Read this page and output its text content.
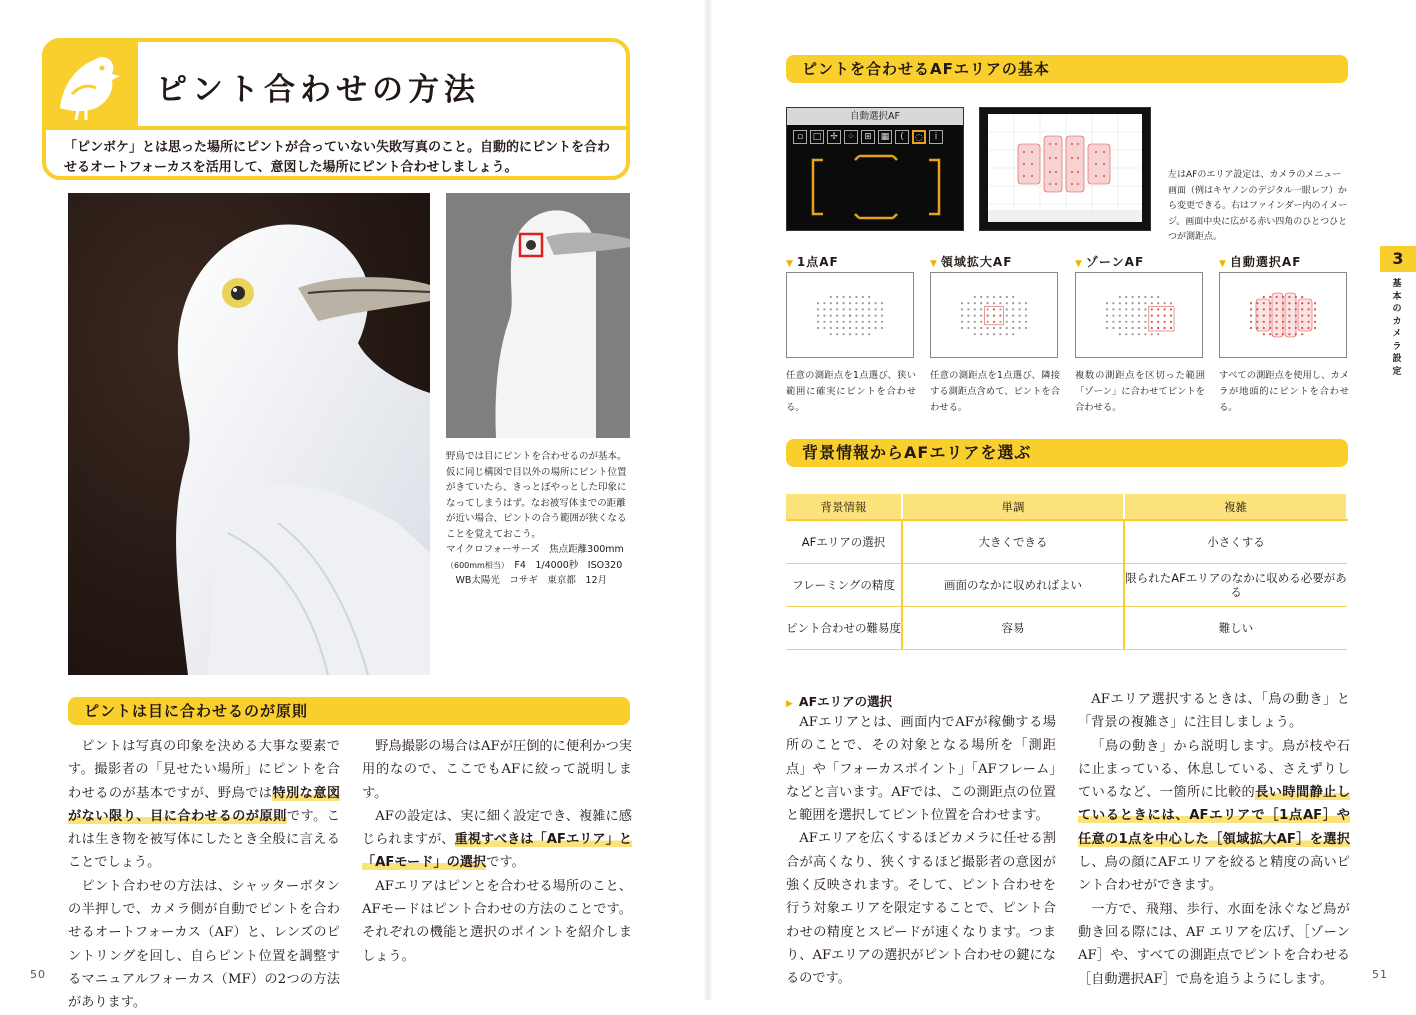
ピント合わせの方法
「ピンボケ」とは思った場所にピントが合っていない失敗写真のこと。自動的にピントを合わせるオートフォーカスを活用して、意図した場所にピント合わせしましょう。

野鳥では目にピントを合わせるのが基本。仮に同じ構図で目以外の場所にピント位置がきていたら、きっとぼやっとした印象になってしまうはず。なお被写体までの距離が近い場合、ピントの合う範囲が狭くなることを覚えておこう。

マイクロフォーサーズ　焦点距離300mm

（600mm相当）　F4　1/4000秒　ISO320

　WB太陽光　コサギ　東京都　12月

ピントは目に合わせるのが原則

ピントは写真の印象を決める大事な要素です。撮影者の「見せたい場所」にピントを合わせるのが基本ですが、野鳥では特別な意図がない限り、目に合わせるのが原則です。これは生き物を被写体にしたとき全般に言えることでしょう。

ピント合わせの方法は、シャッターボタンの半押しで、カメラ側が自動でピントを合わせるオートフォーカス（AF）と、レンズのピントリングを回し、自らピント位置を調整するマニュアルフォーカス（MF）の2つの方法があります。

野鳥撮影の場合はAFが圧倒的に便利かつ実用的なので、ここでもAFに絞って説明します。

AFの設定は、実に細く設定でき、複雑に感じられますが、重視すべきは「AFエリア」と「AFモード」の選択です。

AFエリアはピンとを合わせる場所のこと、AFモードはピント合わせの方法のことです。それぞれの機能と選択のポイントを紹介しましょう。

50
ピントを合わせるAFエリアの基本
自動選択AF
▫	□ ✢	⁘	⊞ ▦	(	◌	i
左はAFのエリア設定は、カメラのメニュー画面（例はキヤノンのデジタル一眼レフ）から変更できる。右はファインダー内のイメージ。画面中央に広がる赤い四角のひとつひとつが測距点。
▼ 1点AF	▼ 領域拡大AF	▼ ゾーンAF	▼ 自動選択AF
任意の測距点を1点選び、狭い範囲に確実にピントを合わせる。
任意の測距点を1点選び、隣接する測距点含めて、ピントを合わせる。
複数の測距点を区切った範囲「ゾーン」に合わせてピントを合わせる。
すべての測距点を使用し、カメラが地頭的にピントを合わせる。
3
基本のカメラ設定
背景情報からAFエリアを選ぶ
背景情報	単調	複雑
AFエリアの選択	大きくできる	小さくする
フレーミングの精度	画面のなかに収めればよい	限られたAFエリアのなかに収める必要がある
ピント合わせの難易度	容易	難しい
▶ AFエリアの選択

AFエリアとは、画面内でAFが稼働する場所のことで、その対象となる場所を「測距点」や「フォーカスポイント」「AFフレーム」などと言います。AFでは、この測距点の位置と範囲を選択してピント位置を合わせます。

AFエリアを広くするほどカメラに任せる割合が高くなり、狭くするほど撮影者の意図が強く反映されます。そして、ピント合わせを行う対象エリアを限定することで、ピント合わせの精度とスピードが速くなります。つまり、AFエリアの選択がピント合わせの鍵になるのです。

AFエリア選択するときは、「鳥の動き」と「背景の複雑さ」に注目しましょう。

「鳥の動き」から説明します。鳥が枝や石に止まっている、休息している、さえずりしているなど、一箇所に比較的長い時間静止しているときには、AFエリアで［1点AF］や任意の1点を中心した［領域拡大AF］を選択し、鳥の顔にAFエリアを絞ると精度の高いピント合わせができます。

一方で、飛翔、歩行、水面を泳ぐなど鳥が動き回る際には、AF エリアを広げ、［ゾーンAF］や、すべての測距点でピントを合わせる［自動選択AF］で鳥を追うようにします。	51
